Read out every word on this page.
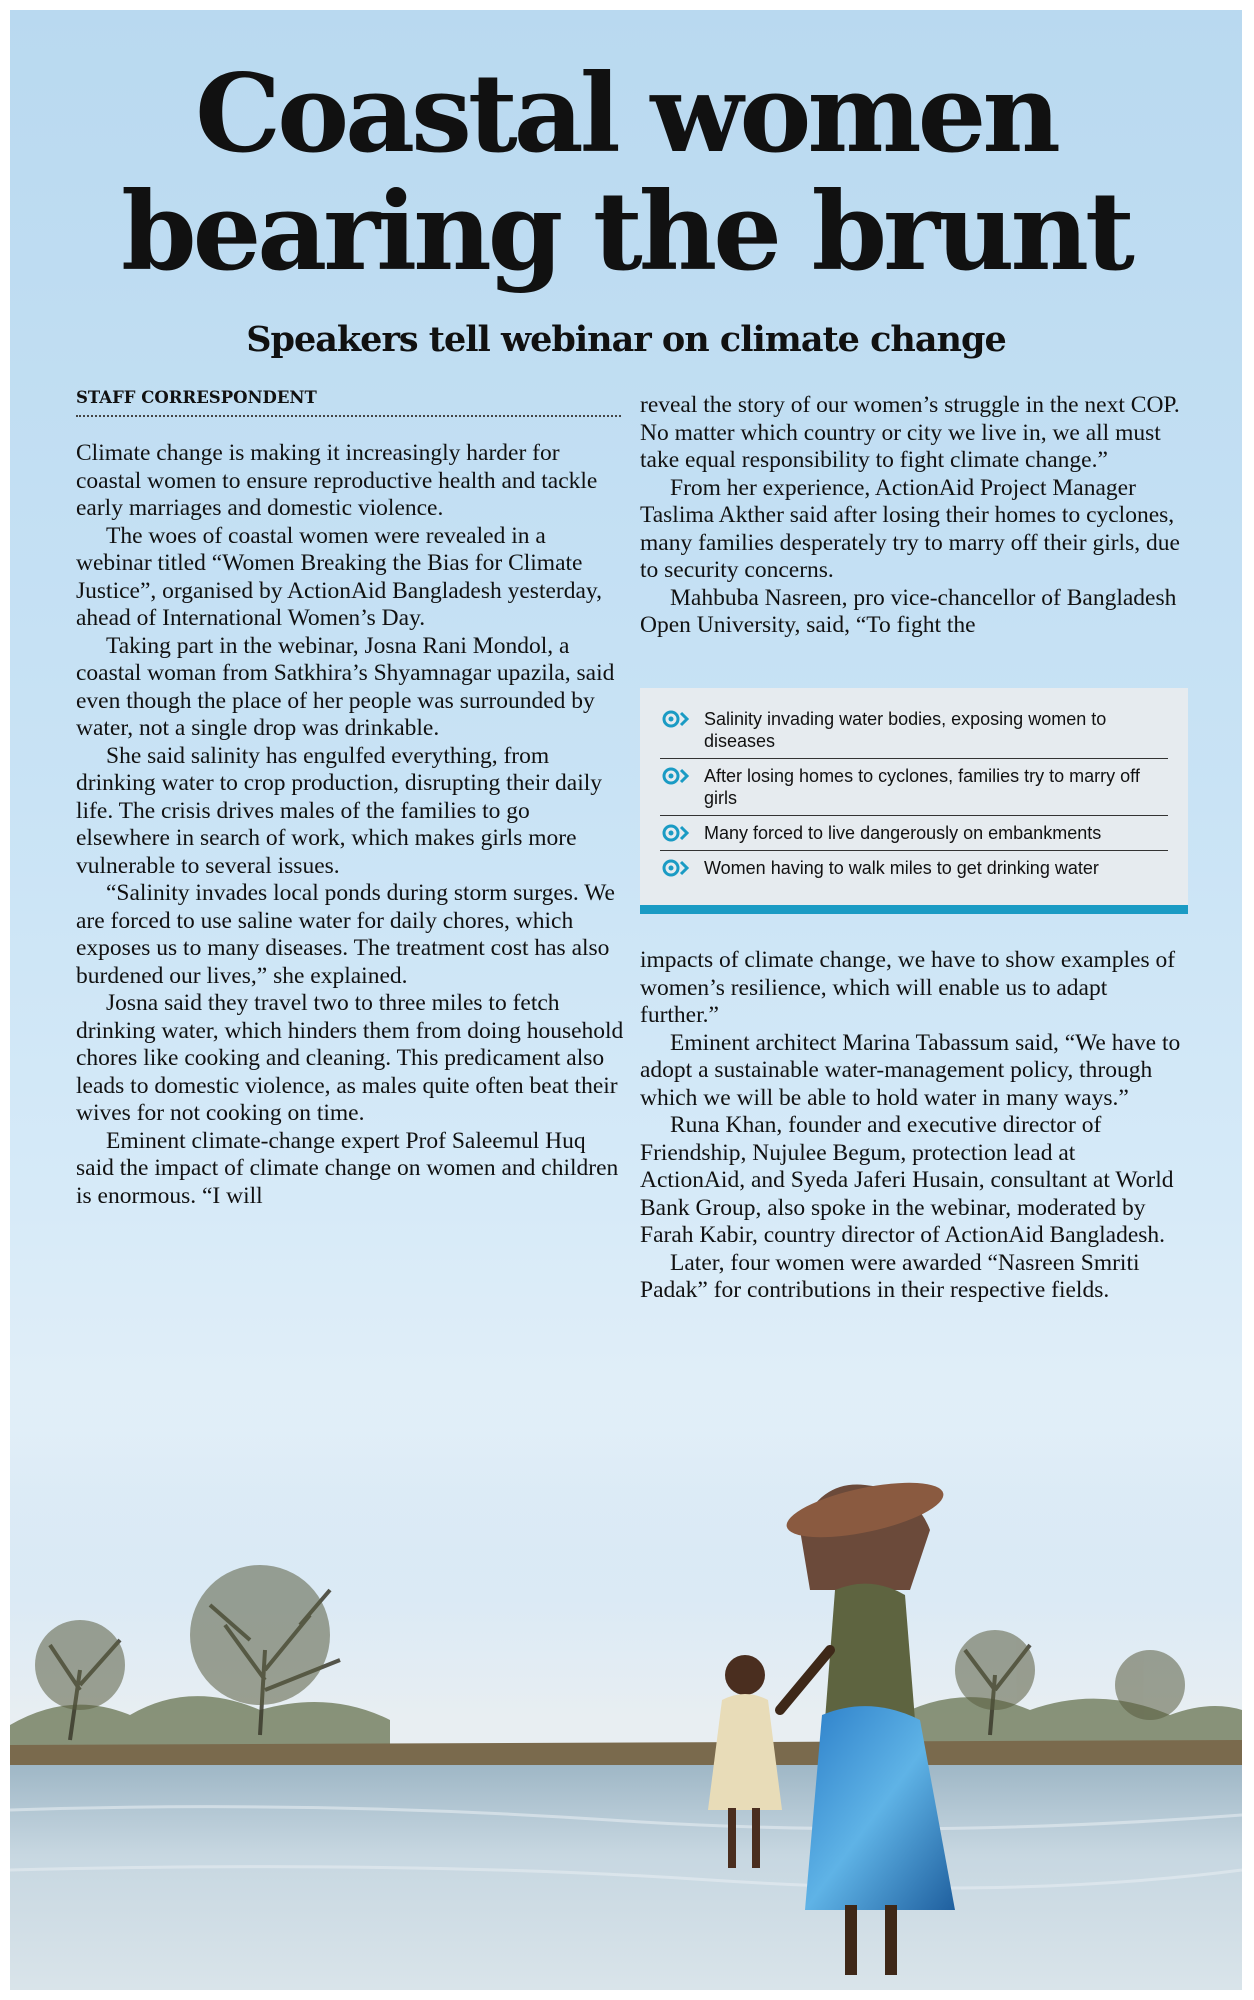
Coastal women
bearing the brunt
Speakers tell webinar on climate change
STAFF CORRESPONDENT

Climate change is making it increasingly harder for coastal women to ensure reproductive health and tackle early marriages and domestic violence.

The woes of coastal women were revealed in a webinar titled “Women Breaking the Bias for Climate Justice”, organised by ActionAid Bangladesh yesterday, ahead of International Women’s Day.

Taking part in the webinar, Josna Rani Mondol, a coastal woman from Satkhira’s Shyamnagar upazila, said even though the place of her people was surrounded by water, not a single drop was drinkable.

She said salinity has engulfed everything, from drinking water to crop production, disrupting their daily life. The crisis drives males of the families to go elsewhere in search of work, which makes girls more vulnerable to several issues.

“Salinity invades local ponds during storm surges. We are forced to use saline water for daily chores, which exposes us to many diseases. The treatment cost has also burdened our lives,” she explained.

Josna said they travel two to three miles to fetch drinking water, which hinders them from doing household chores like cooking and cleaning. This predicament also leads to domestic violence, as males quite often beat their wives for not cooking on time.

Eminent climate-change expert Prof Saleemul Huq said the impact of climate change on women and children is enormous. “I will

reveal the story of our women’s struggle in the next COP. No matter which country or city we live in, we all must take equal responsibility to fight climate change.”

From her experience, ActionAid Project Manager Taslima Akther said after losing their homes to cyclones, many families desperately try to marry off their girls, due to security concerns.

Mahbuba Nasreen, pro vice-chancellor of Bangladesh Open University, said, “To fight the

Salinity invading water bodies, exposing women to diseases
After losing homes to cyclones, families try to marry off girls
Many forced to live dangerously on embankments
Women having to walk miles to get drinking water

impacts of climate change, we have to show examples of women’s resilience, which will enable us to adapt further.”

Eminent architect Marina Tabassum said, “We have to adopt a sustainable water-management policy, through which we will be able to hold water in many ways.”

Runa Khan, founder and executive director of Friendship, Nujulee Begum, protection lead at ActionAid, and Syeda Jaferi Husain, consultant at World Bank Group, also spoke in the webinar, moderated by Farah Kabir, country director of ActionAid Bangladesh.

Later, four women were awarded “Nasreen Smriti Padak” for contributions in their respective fields.
